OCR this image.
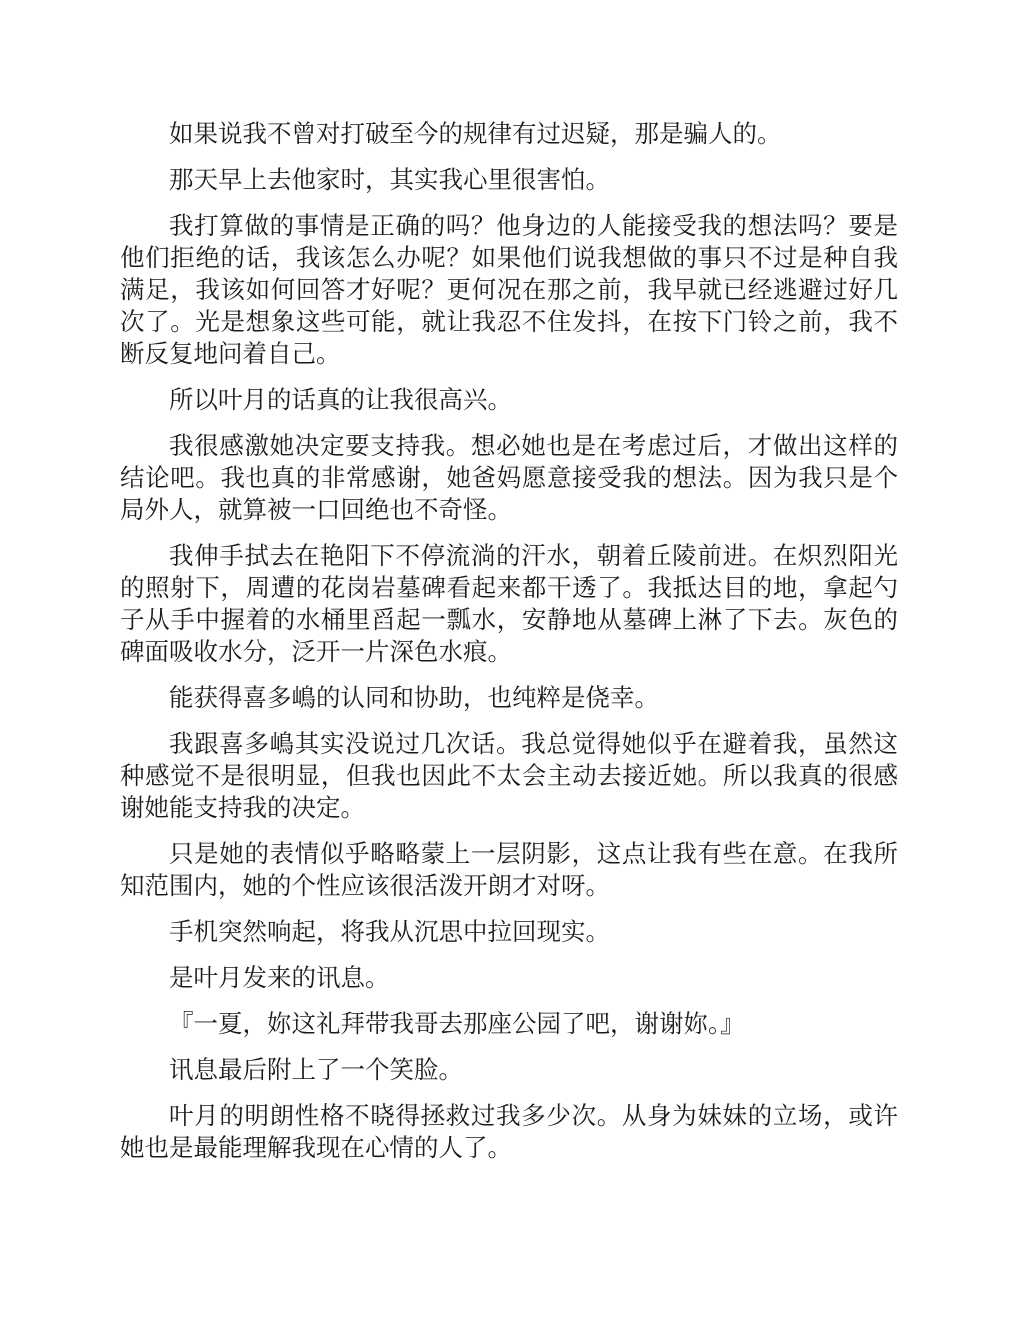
如果说我不曾对打破至今的规律有过迟疑，那是骗人的。

那天早上去他家时，其实我心里很害怕。

我打算做的事情是正确的吗？他身边的人能接受我的想法吗？要是他们拒绝的话，我该怎么办呢？如果他们说我想做的事只不过是种自我满足，我该如何回答才好呢？更何况在那之前，我早就已经逃避过好几次了。光是想象这些可能，就让我忍不住发抖，在按下门铃之前，我不断反复地问着自己。

所以叶月的话真的让我很高兴。

我很感激她决定要支持我。想必她也是在考虑过后，才做出这样的结论吧。我也真的非常感谢，她爸妈愿意接受我的想法。因为我只是个局外人，就算被一口回绝也不奇怪。

我伸手拭去在艳阳下不停流淌的汗水，朝着丘陵前进。在炽烈阳光的照射下，周遭的花岗岩墓碑看起来都干透了。我抵达目的地，拿起勺子从手中握着的水桶里舀起一瓢水，安静地从墓碑上淋了下去。灰色的碑面吸收水分，泛开一片深色水痕。

能获得喜多嶋的认同和协助，也纯粹是侥幸。

我跟喜多嶋其实没说过几次话。我总觉得她似乎在避着我，虽然这种感觉不是很明显，但我也因此不太会主动去接近她。所以我真的很感谢她能支持我的决定。

只是她的表情似乎略略蒙上一层阴影，这点让我有些在意。在我所知范围内，她的个性应该很活泼开朗才对呀。

手机突然响起，将我从沉思中拉回现实。

是叶月发来的讯息。

『一夏，妳这礼拜带我哥去那座公园了吧，谢谢妳。』

讯息最后附上了一个笑脸。

叶月的明朗性格不晓得拯救过我多少次。从身为妹妹的立场，或许她也是最能理解我现在心情的人了。
